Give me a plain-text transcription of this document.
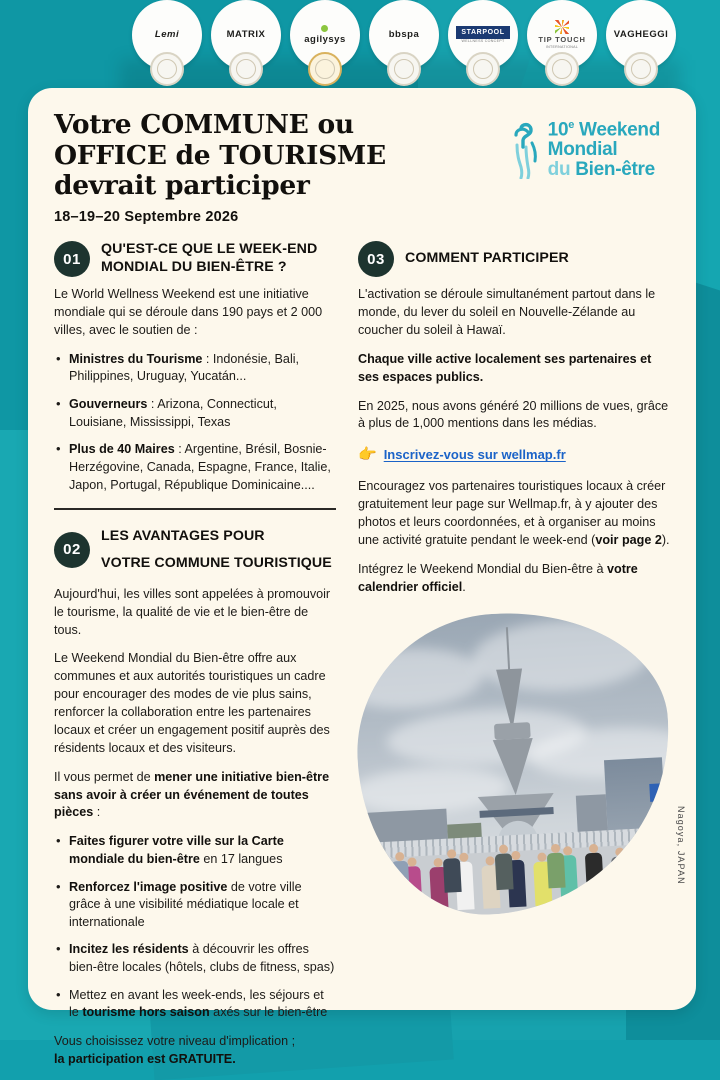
Lemi	MATRIX	agilysys	bbspa	STARPOOL
WELLNESS CONCEPT	TIP TOUCH
INTERNATIONAL
VAGHEGGI
Votre COMMUNE ou
OFFICE de TOURISME
devrait participer
18–19–20 Septembre 2026
10e Weekend
Mondial
du Bien-être
01
QU'EST-CE QUE LE WEEK-END
MONDIAL DU BIEN-ÊTRE ?

Le World Wellness Weekend est une initiative mondiale qui se déroule dans 190 pays et 2 000 villes, avec le soutien de :

• Ministres du Tourisme : Indonésie, Bali, Philippines, Uruguay, Yucatán...
• Gouverneurs : Arizona, Connecticut, Louisiane, Mississippi, Texas
• Plus de 40 Maires : Argentine, Brésil, Bosnie-Herzégovine, Canada, Espagne, France, Italie, Japon, Portugal, République Dominicaine....
02
LES AVANTAGES POUR
VOTRE COMMUNE TOURISTIQUE

Aujourd'hui, les villes sont appelées à promouvoir le tourisme, la qualité de vie et le bien-être de tous.

Le Weekend Mondial du Bien-être offre aux communes et aux autorités touristiques un cadre pour encourager des modes de vie plus sains, renforcer la collaboration entre les partenaires locaux et créer un engagement positif auprès des résidents locaux et des visiteurs.

Il vous permet de mener une initiative bien-être sans avoir à créer un événement de toutes pièces :

• Faites figurer votre ville sur la Carte mondiale du bien-être en 17 langues
• Renforcez l'image positive de votre ville grâce à une visibilité médiatique locale et internationale
• Incitez les résidents à découvrir les offres bien-être locales (hôtels, clubs de fitness, spas)
• Mettez en avant les week-ends, les séjours et le tourisme hors saison axés sur le bien-être

Vous choisissez votre niveau d'implication ;
la participation est GRATUITE.

03	COMMENT PARTICIPER

L'activation se déroule simultanément partout dans le monde, du lever du soleil en Nouvelle-Zélande au coucher du soleil à Hawaï.

Chaque ville active localement ses partenaires et ses espaces publics.

En 2025, nous avons généré 20 millions de vues, grâce à plus de 1,000 mentions dans les médias.

👉 Inscrivez-vous sur wellmap.fr

Encouragez vos partenaires touristiques locaux à créer gratuitement leur page sur Wellmap.fr, à y ajouter des photos et leurs coordonnées, et à organiser au moins une activité gratuite pendant le week-end (voir page 2).

Intégrez le Weekend Mondial du Bien-être à votre calendrier officiel.

Nagoya, JAPAN
